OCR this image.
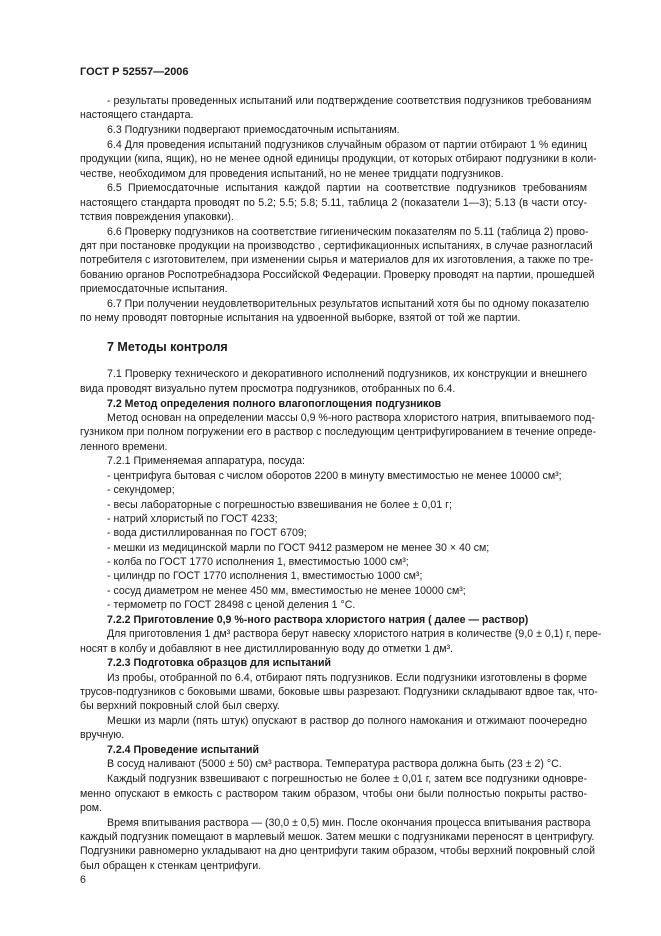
ГОСТ Р 52557—2006
- результаты проведенных испытаний или подтверждение соответствия подгузников требованиям
настоящего стандарта.
6.3 Подгузники подвергают приемосдаточным испытаниям.
6.4 Для проведения испытаний подгузников случайным образом от партии отбирают 1 % единиц
продукции (кипа, ящик), но не менее одной единицы продукции, от которых отбирают подгузники в коли-
честве, необходимом для проведения испытаний, но не менее тридцати подгузников.
6.5 Приемосдаточные испытания каждой партии на соответствие подгузников требованиям
настоящего стандарта проводят по 5.2; 5.5; 5.8; 5.11, таблица 2 (показатели 1—3); 5.13 (в части отсу-
тствия повреждения упаковки).
6.6 Проверку подгузников на соответствие гигиеническим показателям по 5.11 (таблица 2) прово-
дят при постановке продукции на производство , сертификационных испытаниях, в случае разногласий
потребителя с изготовителем, при изменении сырья и материалов для их изготовления, а также по тре-
бованию органов Роспотребнадзора Российской Федерации. Проверку проводят на партии, прошедшей
приемосдаточные испытания.
6.7 При получении неудовлетворительных результатов испытаний хотя бы по одному показателю
по нему проводят повторные испытания на удвоенной выборке, взятой от той же партии.
7 Методы контроля
7.1 Проверку технического и декоративного исполнений подгузников, их конструкции и внешнего
вида проводят визуально путем просмотра подгузников, отобранных по 6.4.
7.2 Метод определения полного влагопоглощения подгузников
Метод основан на определении массы 0,9 %-ного раствора хлористого натрия, впитываемого под-
гузником при полном погружении его в раствор с последующим центрифугированием в течение опреде-
ленного времени.
7.2.1 Применяемая аппаратура, посуда:
- центрифуга бытовая с числом оборотов 2200 в минуту вместимостью не менее 10000 см³;
- секундомер;
- весы лабораторные с погрешностью взвешивания не более ± 0,01 г;
- натрий хлористый по ГОСТ 4233;
- вода дистиллированная по ГОСТ 6709;
- мешки из медицинской марли по ГОСТ 9412 размером не менее 30 × 40 см;
- колба по ГОСТ 1770 исполнения 1, вместимостью 1000 см³;
- цилиндр по ГОСТ 1770 исполнения 1, вместимостью 1000 см³;
- сосуд диаметром не менее 450 мм, вместимостью не менее 10000 см³;
- термометр по ГОСТ 28498 с ценой деления 1 °С.
7.2.2 Приготовление 0,9 %-ного раствора хлористого натрия ( далее — раствор)
Для приготовления 1 дм³ раствора берут навеску хлористого натрия в количестве (9,0 ± 0,1) г, пере-
носят в колбу и добавляют в нее дистиллированную воду до отметки 1 дм³.
7.2.3 Подготовка образцов для испытаний
Из пробы, отобранной по 6.4, отбирают пять подгузников. Если подгузники изготовлены в форме
трусов-подгузников с боковыми швами, боковые швы разрезают. Подгузники складывают вдвое так, что-
бы верхний покровный слой был сверху.
Мешки из марли (пять штук) опускают в раствор до полного намокания и отжимают поочередно
вручную.
7.2.4 Проведение испытаний
В сосуд наливают (5000 ± 50) см³ раствора. Температура раствора должна быть (23 ± 2) °С.
Каждый подгузник взвешивают с погрешностью не более ± 0,01 г, затем все подгузники одновре-
менно опускают в емкость с раствором таким образом, чтобы они были полностью покрыты раство-
ром.
Время впитывания раствора — (30,0 ± 0,5) мин. После окончания процесса впитывания раствора
каждый подгузник помещают в марлевый мешок. Затем мешки с подгузниками переносят в центрифугу.
Подгузники равномерно укладывают на дно центрифуги таким образом, чтобы верхний покровный слой
был обращен к стенкам центрифуги.
6
